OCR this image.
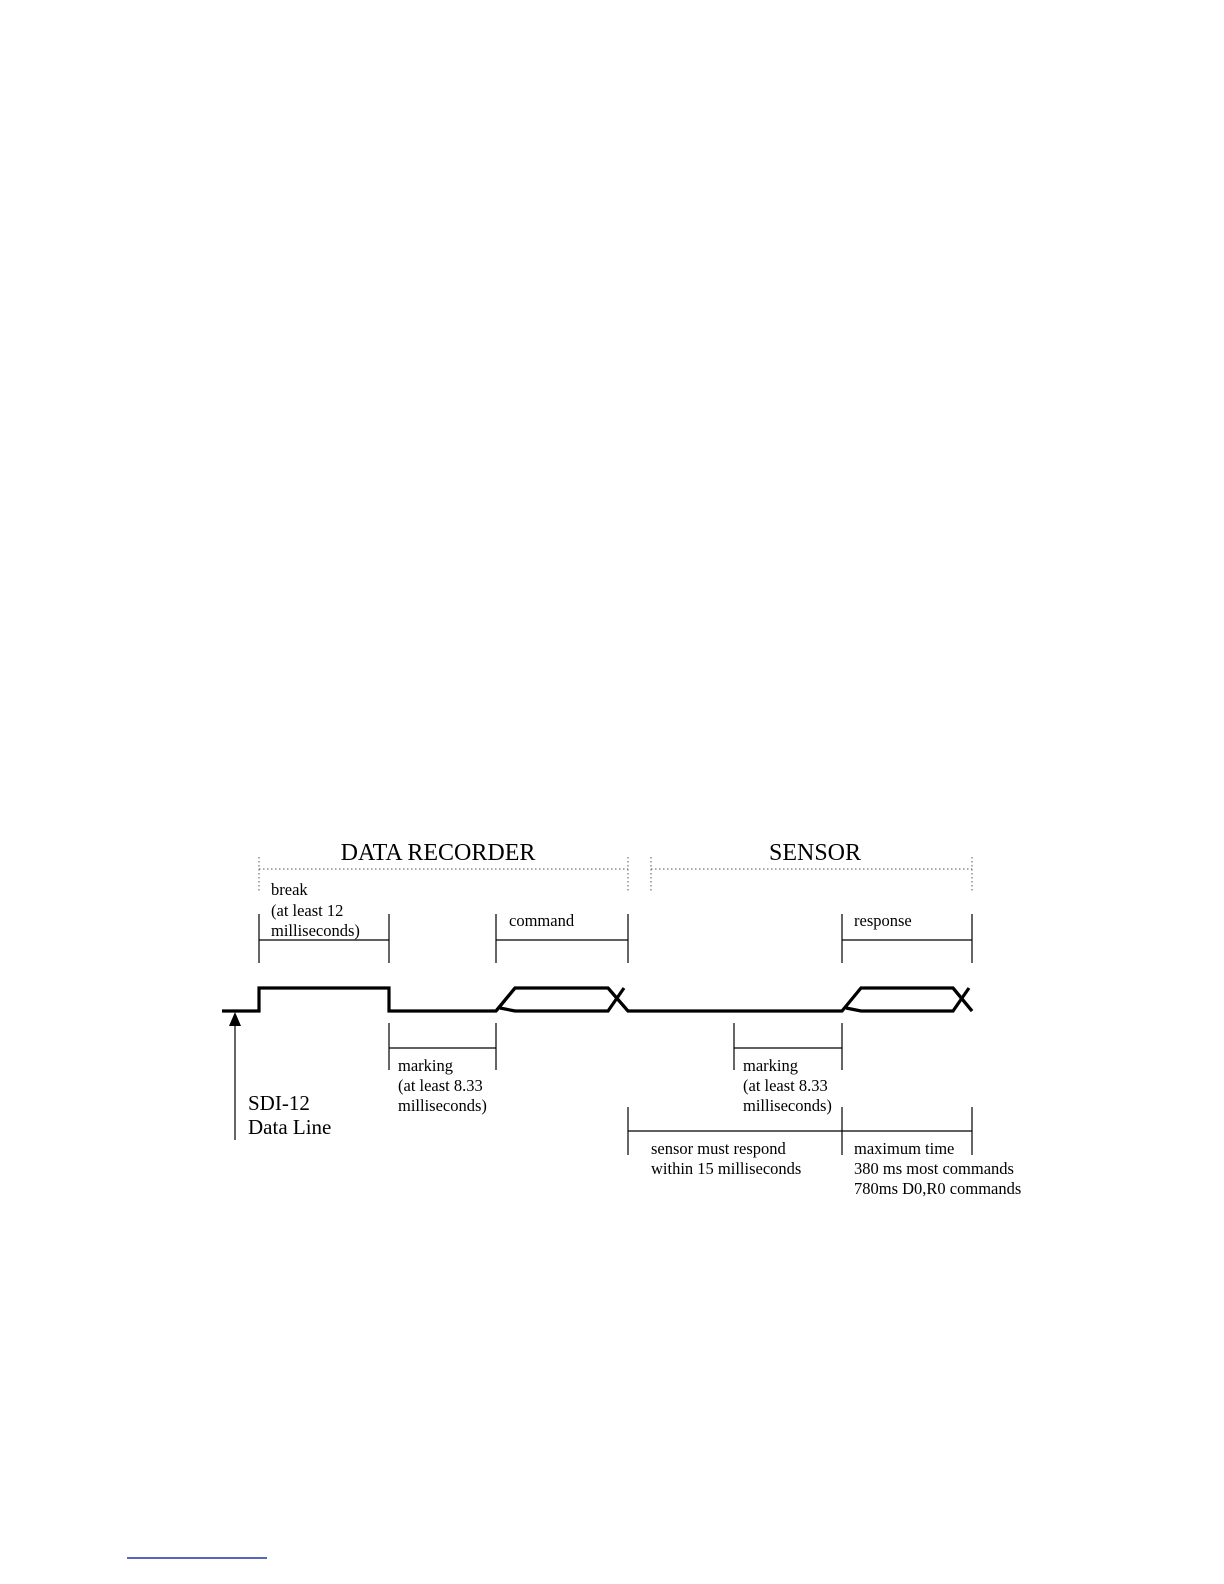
DATA RECORDER	SENSOR
break
(at least 12
milliseconds)
command	response
marking
(at least 8.33
milliseconds)
marking
(at least 8.33
milliseconds)
sensor must respond
within 15 milliseconds
maximum time
380 ms most commands
780ms D0,R0 commands
SDI-12
Data Line
